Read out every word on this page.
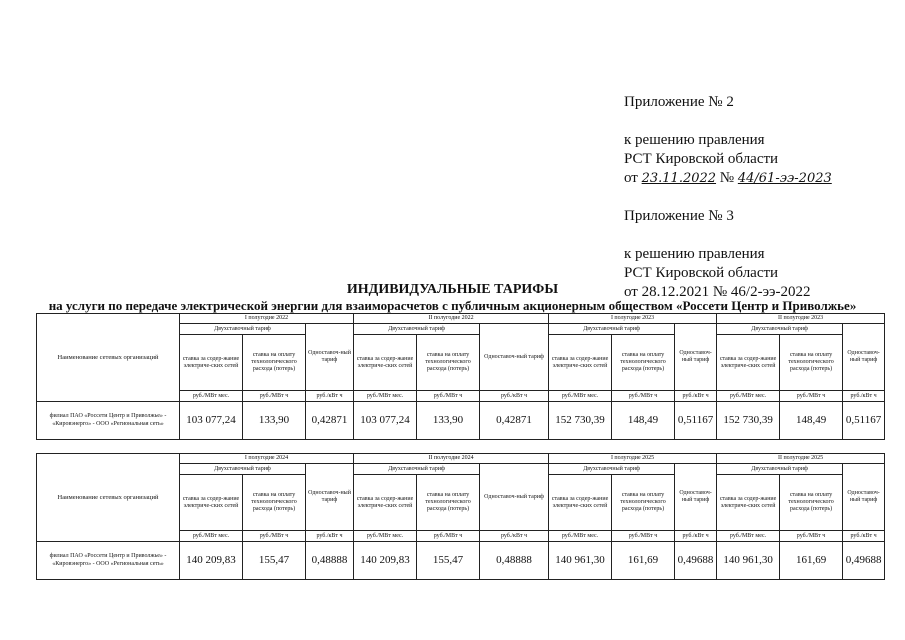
Приложение № 2
к решению правления
РСТ Кировской области
от 23.11.2022 № 44/61-ээ-2023
Приложение № 3
к решению правления
РСТ Кировской области
от 28.12.2021 № 46/2-ээ-2022
ИНДИВИДУАЛЬНЫЕ ТАРИФЫ
на услуги по передаче электрической энергии для взаиморасчетов с публичным акционерным обществом «Россети Центр и Приволжье»
Наименование сетевых организаций	I полугодие 2022			II полугодие 2022			I полугодие 2023			II полугодие 2023		
	Двухставочный тариф		Одноставоч-ный тариф	Двухставочный тариф		Одноставоч-ный тариф	Двухставочный тариф		Одноставоч-ный тариф	Двухставочный тариф		Одноставоч-ный тариф
	ставка за содер-жание электриче-ских сетей	ставка на оплату технологического расхода (потерь)		ставка за содер-жание электриче-ских сетей	ставка на оплату технологического расхода (потерь)		ставка за содер-жание электриче-ских сетей	ставка на оплату технологического расхода (потерь)		ставка за содер-жание электриче-ских сетей	ставка на оплату технологического расхода (потерь)	
	руб./МВт мес.	руб./МВт ч	руб./кВт ч	руб./МВт мес.	руб./МВт ч	руб./кВт ч	руб./МВт мес.	руб./МВт ч	руб./кВт ч	руб./МВт мес.	руб./МВт ч	руб./кВт ч
филиал ПАО «Россети Центр и Приволжье» - «Кировэнерго» - ООО «Региональная сеть»	103 077,24	133,90	0,42871	103 077,24	133,90	0,42871	152 730,39	148,49	0,51167	152 730,39	148,49	0,51167
Наименование сетевых организаций	I полугодие 2024			II полугодие 2024			I полугодие 2025			II полугодие 2025		
	Двухставочный тариф		Одноставоч-ный тариф	Двухставочный тариф		Одноставоч-ный тариф	Двухставочный тариф		Одноставоч-ный тариф	Двухставочный тариф		Одноставоч-ный тариф
	ставка за содер-жание электриче-ских сетей	ставка на оплату технологического расхода (потерь)		ставка за содер-жание электриче-ских сетей	ставка на оплату технологического расхода (потерь)		ставка за содер-жание электриче-ских сетей	ставка на оплату технологического расхода (потерь)		ставка за содер-жание электриче-ских сетей	ставка на оплату технологического расхода (потерь)	
	руб./МВт мес.	руб./МВт ч	руб./кВт ч	руб./МВт мес.	руб./МВт ч	руб./кВт ч	руб./МВт мес.	руб./МВт ч	руб./кВт ч	руб./МВт мес.	руб./МВт ч	руб./кВт ч
филиал ПАО «Россети Центр и Приволжье» - «Кировэнерго» - ООО «Региональная сеть»	140 209,83	155,47	0,48888	140 209,83	155,47	0,48888	140 961,30	161,69	0,49688	140 961,30	161,69	0,49688
